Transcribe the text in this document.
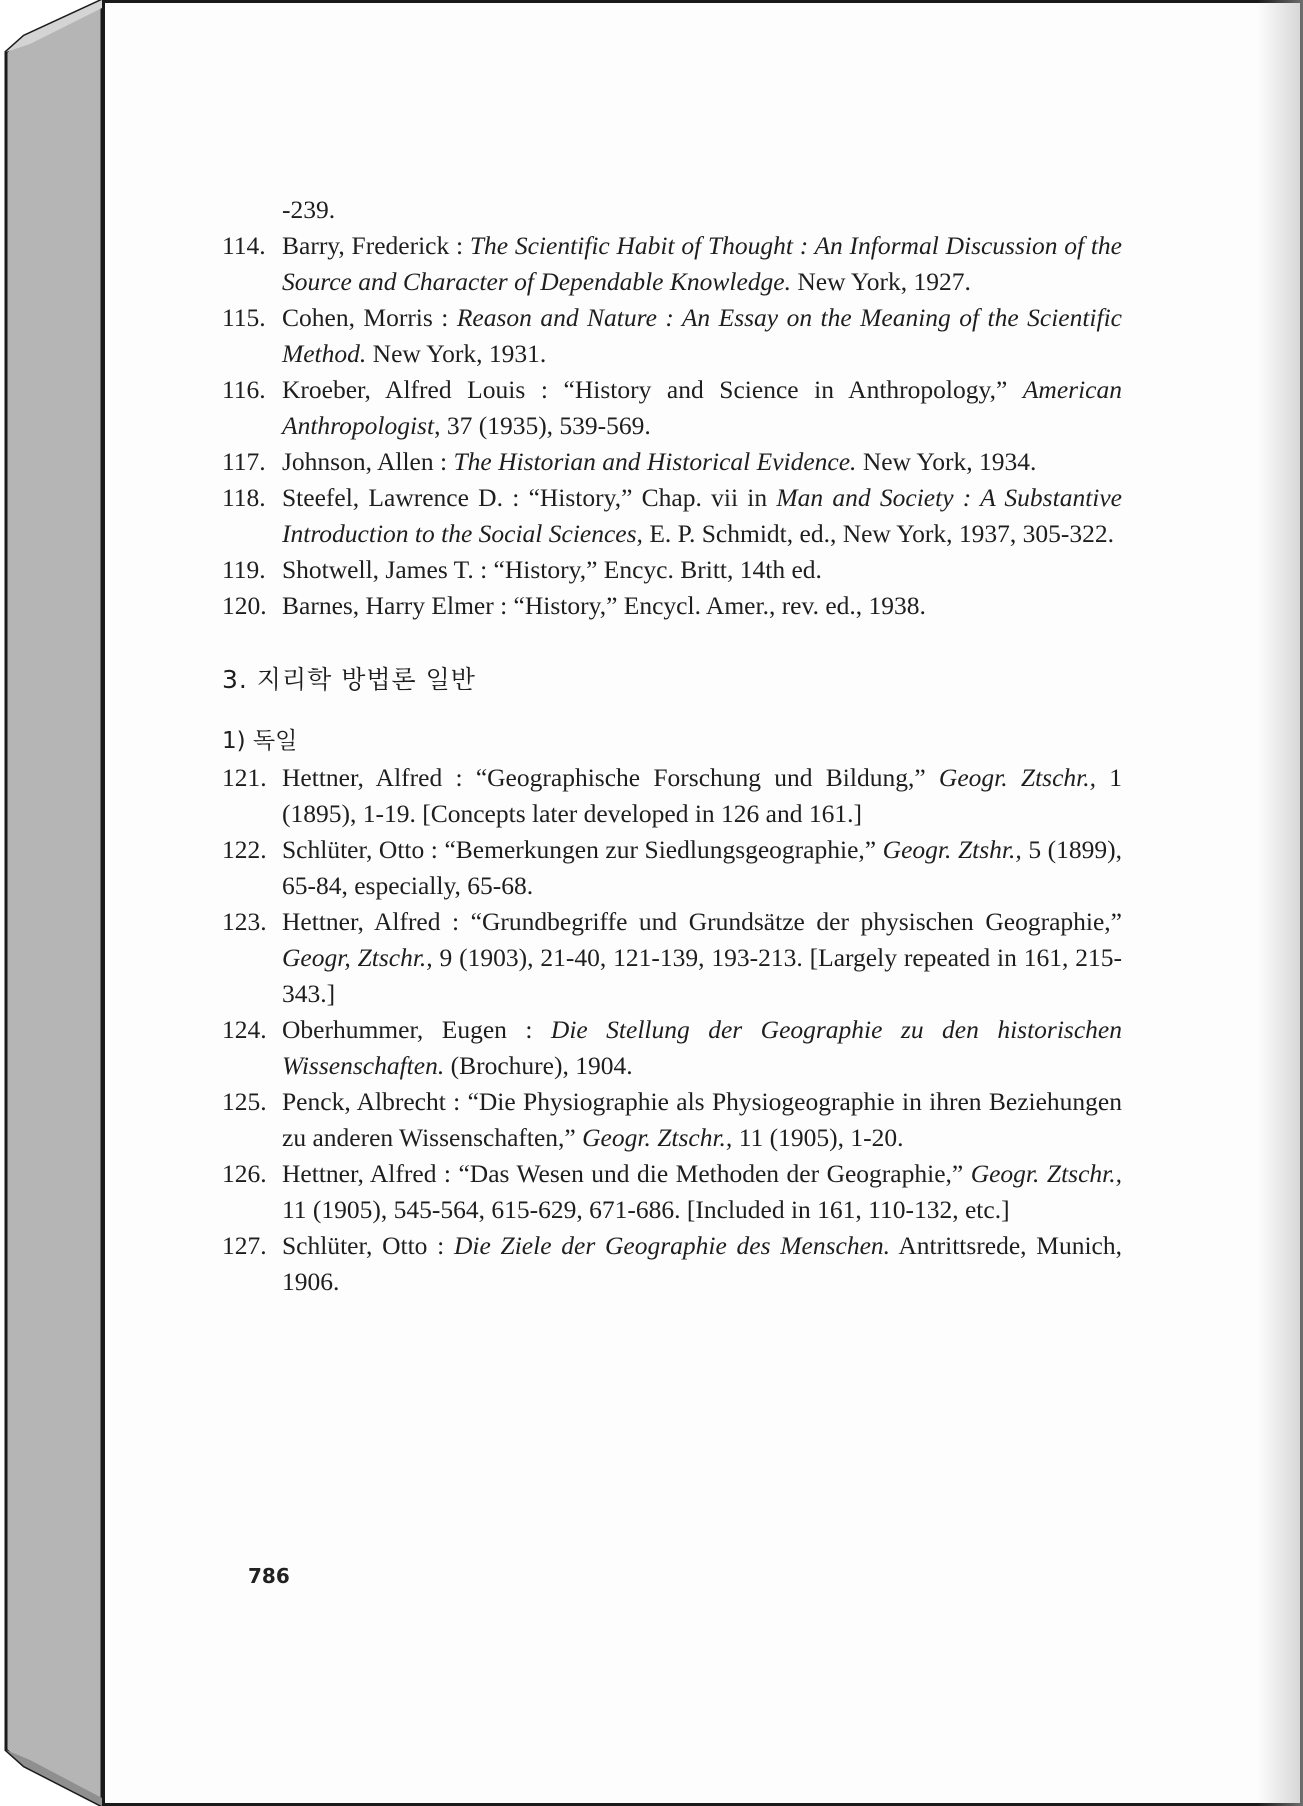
-239.
114. Barry, Frederick : The Scientific Habit of Thought : An Informal Discussion of the Source and Character of Dependable Knowledge. New York, 1927.
115. Cohen, Morris : Reason and Nature : An Essay on the Meaning of the Scientific Method. New York, 1931.
116. Kroeber, Alfred Louis : “History and Science in Anthropology,” American Anthropologist, 37 (1935), 539-569.
117. Johnson, Allen : The Historian and Historical Evidence. New York, 1934.
118. Steefel, Lawrence D. : “History,” Chap. vii in Man and Society : A Substantive Introduction to the Social Sciences, E. P. Schmidt, ed., New York, 1937, 305-322.
119. Shotwell, James T. : “History,” Encyc. Britt, 14th ed.
120. Barnes, Harry Elmer : “History,” Encycl. Amer., rev. ed., 1938.
3. 지리학 방법론 일반
1) 독일
121. Hettner, Alfred : “Geographische Forschung und Bildung,” Geogr. Ztschr., 1 (1895), 1-19. [Concepts later developed in 126 and 161.]
122. Schlüter, Otto : “Bemerkungen zur Siedlungsgeographie,” Geogr. Ztshr., 5 (1899), 65-84, especially, 65-68.
123. Hettner, Alfred : “Grundbegriffe und Grundsätze der physischen Geographie,” Geogr, Ztschr., 9 (1903), 21-40, 121-139, 193-213. [Largely repeated in 161, 215-343.]
124. Oberhummer, Eugen : Die Stellung der Geographie zu den historischen Wissenschaften. (Brochure), 1904.
125. Penck, Albrecht : “Die Physiographie als Physiogeographie in ihren Beziehungen zu anderen Wissenschaften,” Geogr. Ztschr., 11 (1905), 1-20.
126. Hettner, Alfred : “Das Wesen und die Methoden der Geographie,” Geogr. Ztschr., 11 (1905), 545-564, 615-629, 671-686. [Included in 161, 110-132, etc.]
127. Schlüter, Otto : Die Ziele der Geographie des Menschen. Antrittsrede, Munich, 1906.
786
